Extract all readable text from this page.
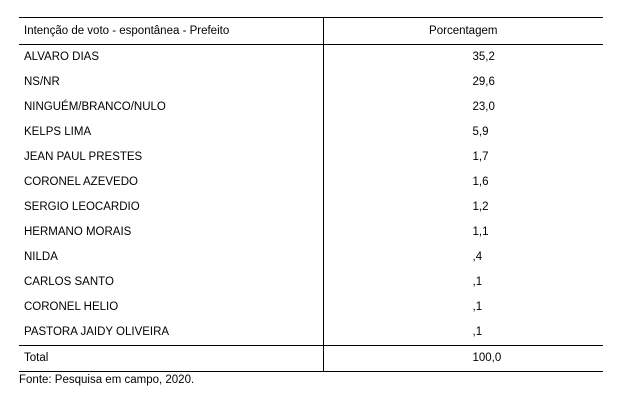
Intenção de voto - espontânea - Prefeito	Porcentagem
ALVARO DIAS	35,2
NS/NR	29,6
NINGUÉM/BRANCO/NULO	23,0
KELPS LIMA	5,9
JEAN PAUL PRESTES	1,7
CORONEL AZEVEDO	1,6
SERGIO LEOCARDIO	1,2
HERMANO MORAIS	1,1
NILDA	,4
CARLOS SANTO	,1
CORONEL HELIO	,1
PASTORA JAIDY OLIVEIRA	,1
Total	100,0
Fonte: Pesquisa em campo, 2020.
